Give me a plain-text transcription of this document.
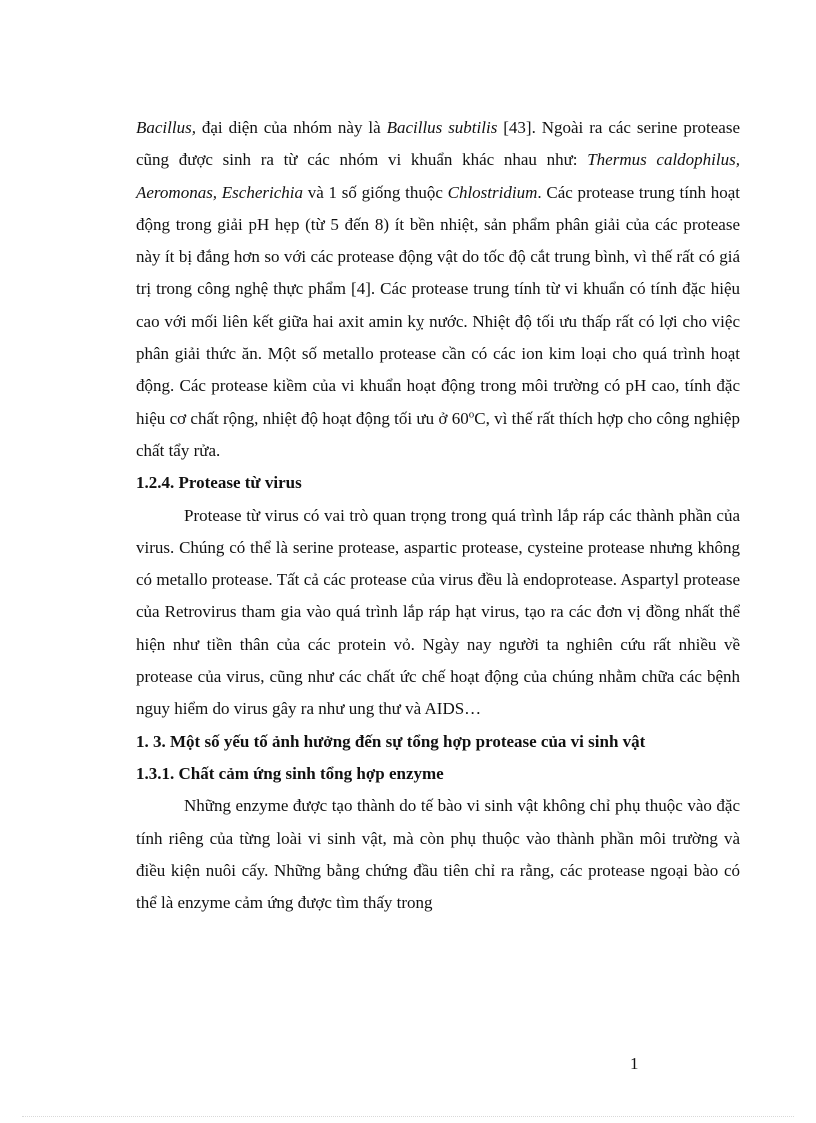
Bacillus, đại diện của nhóm này là Bacillus subtilis [43]. Ngoài ra các serine protease cũng được sinh ra từ các nhóm vi khuẩn khác nhau như: Thermus caldophilus, Aeromonas, Escherichia và 1 số giống thuộc Chlostridium. Các protease trung tính hoạt động trong giải pH hẹp (từ 5 đến 8) ít bền nhiệt, sản phẩm phân giải của các protease này ít bị đắng hơn so với các protease động vật do tốc độ cắt trung bình, vì thế rất có giá trị trong công nghệ thực phẩm [4]. Các protease trung tính từ vi khuẩn có tính đặc hiệu cao với mối liên kết giữa hai axit amin kỵ nước. Nhiệt độ tối ưu thấp rất có lợi cho việc phân giải thức ăn. Một số metallo protease cần có các ion kim loại cho quá trình hoạt động. Các protease kiềm của vi khuẩn hoạt động trong môi trường có pH cao, tính đặc hiệu cơ chất rộng, nhiệt độ hoạt động tối ưu ở 60$^o$C, vì thế rất thích hợp cho công nghiệp chất tẩy rửa.

1.2.4. Protease từ virus

Protease từ virus có vai trò quan trọng trong quá trình lắp ráp các thành phần của virus. Chúng có thể là serine protease, aspartic protease, cysteine protease nhưng không có metallo protease. Tất cả các protease của virus đều là endoprotease. Aspartyl protease của Retrovirus tham gia vào quá trình lắp ráp hạt virus, tạo ra các đơn vị đồng nhất thể hiện như tiền thân của các protein vỏ. Ngày nay người ta nghiên cứu rất nhiều về protease của virus, cũng như các chất ức chế hoạt động của chúng nhằm chữa các bệnh nguy hiểm do virus gây ra như ung thư và AIDS…

1. 3. Một số yếu tố ảnh hưởng đến sự tổng hợp protease của vi sinh vật
1.3.1. Chất cảm ứng sinh tổng hợp enzyme

Những enzyme được tạo thành do tế bào vi sinh vật không chỉ phụ thuộc vào đặc tính riêng của từng loài vi sinh vật, mà còn phụ thuộc vào thành phần môi trường và điều kiện nuôi cấy. Những bằng chứng đầu tiên chỉ ra rằng, các protease ngoại bào có thể là enzyme cảm ứng được tìm thấy trong

1
